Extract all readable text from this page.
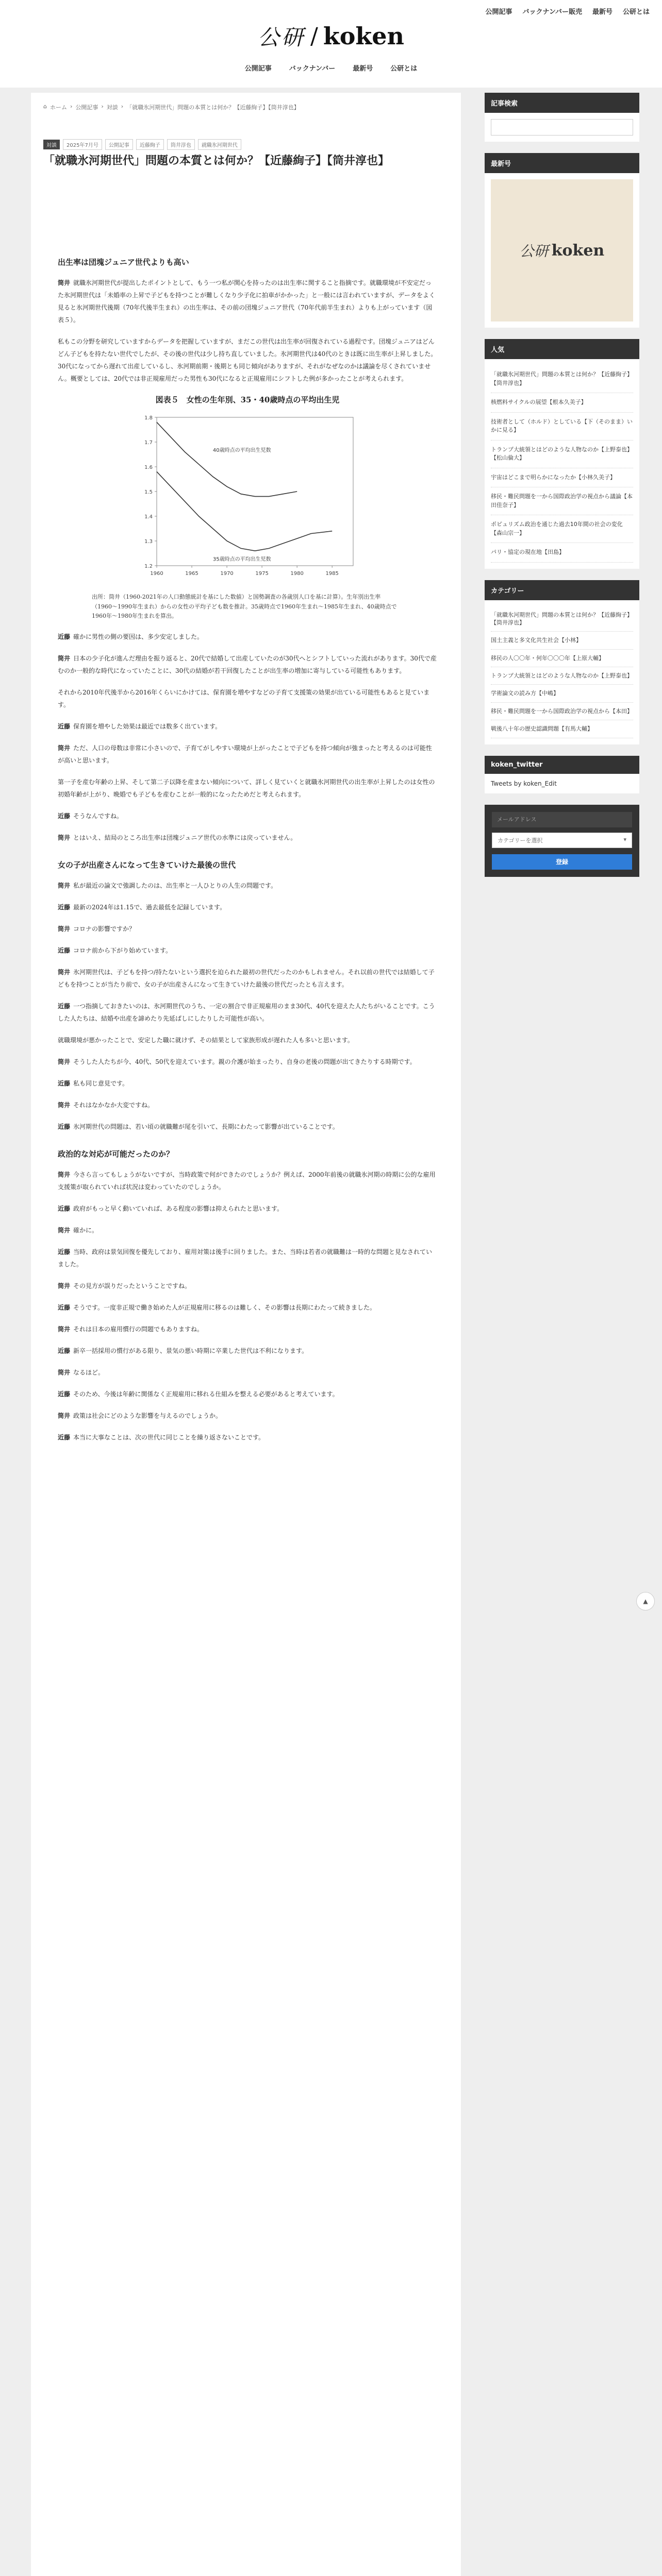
公開記事 バックナンバー販売 最新号 公研とは
公研 / koken
公開記事	バックナンバー	最新号	公研とは
⌂ ホーム › 公開記事 › 対談 › 「就職氷河期世代」問題の本質とは何か？【近藤絢子】【筒井淳也】
対談	2025年7月号	公開記事	近藤絢子	筒井淳也	就職氷河期世代
「就職氷河期世代」問題の本質とは何か？【近藤絢子】【筒井淳也】
出生率は団塊ジュニア世代よりも高い

筒井 就職氷河期世代が提出したポイントとして、もう一つ私が関心を持ったのは出生率に関すること指摘です。就職環境が不安定だった氷河期世代は「未婚率の上昇で子どもを持つことが難しくなり少子化に拍車がかかった」と一般には言われていますが、データをよく見ると氷河期世代後期（70年代後半生まれ）の出生率は、その前の団塊ジュニア世代（70年代前半生まれ）よりも上がっています（図表５）。

私もこの分野を研究していますからデータを把握していますが、まだこの世代は出生率が回復されている過程です。団塊ジュニアはどんどん子どもを持たない世代でしたが、その後の世代は少し持ち直していました。氷河期世代は40代のときは既に出生率が上昇しました。30代になってから遅れて出産しているし、氷河期前期・後期とも同じ傾向がありますが、それがなぜなのかは議論を尽くされていません。概要としては、20代では非正規雇用だった男性も30代になると正規雇用にシフトした例が多かったことが考えられます。

図表５　女性の生年別、35・40歳時点の平均出生児
1.2
1.3
1.4
1.5
1.6
1.7
1.8
1960	1965	1970	1975	1980	1985
40歳時点の平均出生児数
35歳時点の平均出生児数
出所：筒井（1960-2021年の人口動態統計を基にした数値）と国勢調査の各歳別人口を基に計算）。生年別出生率（1960〜1990年生まれ）からの女性の平均子ども数を推計。35歳時点で1960年生まれ〜1985年生まれ、40歳時点で1960年〜1980年生まれを算出。

近藤 確かに男性の側の要因は、多少安定しました。

筒井 日本の少子化が進んだ理由を振り返ると、20代で結婚して出産していたのが30代へとシフトしていった流れがあります。30代で産むのか一般的な時代になっていたことに、30代の結婚が若干回復したことが出生率の増加に寄与している可能性もあります。

それから2010年代後半から2016年くらいにかけては、保育園を増やすなどの子育て支援策の効果が出ている可能性もあると見ています。

近藤 保育園を増やした効果は最近では数多く出ています。

筒井 ただ、人口の母数は非常に小さいので、子育てがしやすい環境が上がったことで子どもを持つ傾向が強まったと考えるのは可能性が高いと思います。

第一子を産む年齢の上昇、そして第二子以降を産まない傾向について、詳しく見ていくと就職氷河期世代の出生率が上昇したのは女性の初婚年齢が上がり、晩婚でも子どもを産むことが一般的になったためだと考えられます。

近藤 そうなんですね。

筒井 とはいえ、結局のところ出生率は団塊ジュニア世代の水準には戻っていません。

女の子が出産さんになって生きていけた最後の世代

筒井 私が最近の論文で強調したのは、出生率と一人ひとりの人生の問題です。

近藤 最新の2024年は1.15で、過去最低を記録しています。

筒井 コロナの影響ですか？

近藤 コロナ前から下がり始めています。

筒井 氷河期世代は、子どもを持つ/持たないという選択を迫られた最初の世代だったのかもしれません。それ以前の世代では結婚して子どもを持つことが当たり前で、女の子が出産さんになって生きていけた最後の世代だったとも言えます。

近藤 一つ指摘しておきたいのは、氷河期世代のうち、一定の割合で非正規雇用のまま30代、40代を迎えた人たちがいることです。こうした人たちは、結婚や出産を諦めたり先延ばしにしたりした可能性が高い。

就職環境が悪かったことで、安定した職に就けず、その結果として家族形成が遅れた人も多いと思います。

筒井 そうした人たちが今、40代、50代を迎えています。親の介護が始まったり、自身の老後の問題が出てきたりする時期です。

近藤 私も同じ意見です。

筒井 それはなかなか大変ですね。

近藤 氷河期世代の問題は、若い頃の就職難が尾を引いて、長期にわたって影響が出ていることです。

政治的な対応が可能だったのか？

筒井 今さら言ってもしょうがないですが、当時政策で何ができたのでしょうか？例えば、2000年前後の就職氷河期の時期に公的な雇用支援策が取られていれば状況は変わっていたのでしょうか。

近藤 政府がもっと早く動いていれば、ある程度の影響は抑えられたと思います。

筒井 確かに。

近藤 当時、政府は景気回復を優先しており、雇用対策は後手に回りました。また、当時は若者の就職難は一時的な問題と見なされていました。

筒井 その見方が誤りだったということですね。

近藤 そうです。一度非正規で働き始めた人が正規雇用に移るのは難しく、その影響は長期にわたって続きました。

筒井 それは日本の雇用慣行の問題でもありますね。

近藤 新卒一括採用の慣行がある限り、景気の悪い時期に卒業した世代は不利になります。

筒井 なるほど。

近藤 そのため、今後は年齢に関係なく正規雇用に移れる仕組みを整える必要があると考えています。

筒井 政策は社会にどのような影響を与えるのでしょうか。

近藤 本当に大事なことは、次の世代に同じことを繰り返さないことです。

記事検索
最新号
公研 koken
人気
「就職氷河期世代」問題の本質とは何か？【近藤絢子】【筒井淳也】
核燃料サイクルの展望【根本久美子】
技術者として（ホルド）としている【下（そのまま）いかに見る】
トランプ大統領とはどのような人物なのか【上野泰也】【松山倫大】
宇宙はどこまで明らかになったか【小林久美子】
移民・難民問題を一から国際政治学の視点から議論【本田佳奈子】
ポピュリズム政治を通じた過去10年間の社会の変化【森山宗一】
パリ・協定の現在地【田島】
カテゴリー
「就職氷河期世代」問題の本質とは何か？【近藤絢子】【筒井淳也】
国土主義と多文化共生社会【小林】
移民の人〇〇年・何年〇〇〇年【上原大輔】
トランプ大統領とはどのような人物なのか【上野泰也】
学術論文の読み方【中嶋】
移民・難民問題を一から国際政治学の視点から【本田】
戦後八十年の歴史認識問題【有馬大輔】
koken_twitter
Tweets by koken_Edit
メールアドレス
カテゴリーを選択	▾
登録
▲
